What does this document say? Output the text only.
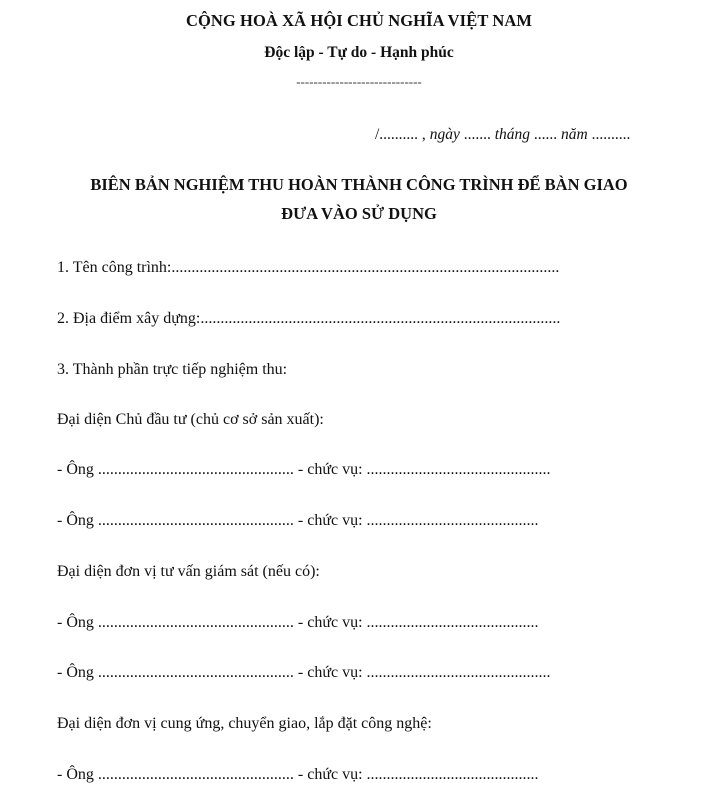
CỘNG HOÀ XÃ HỘI CHỦ NGHĨA VIỆT NAM
Độc lập - Tự do - Hạnh phúc
-----------------------------
/.......... , ngày ....... tháng ...... năm ..........
BIÊN BẢN NGHIỆM THU HOÀN THÀNH CÔNG TRÌNH ĐỂ BÀN GIAO
ĐƯA VÀO SỬ DỤNG
1. Tên công trình:.................................................................................................
2. Địa điểm xây dựng:..........................................................................................
3. Thành phần trực tiếp nghiệm thu:
Đại diện Chủ đầu tư (chủ cơ sở sản xuất):
- Ông ................................................. - chức vụ: ..............................................
- Ông ................................................. - chức vụ: ...........................................
Đại diện đơn vị tư vấn giám sát (nếu có):
- Ông ................................................. - chức vụ: ...........................................
- Ông ................................................. - chức vụ: ..............................................
Đại diện đơn vị cung ứng, chuyển giao, lắp đặt công nghệ:
- Ông ................................................. - chức vụ: ...........................................
